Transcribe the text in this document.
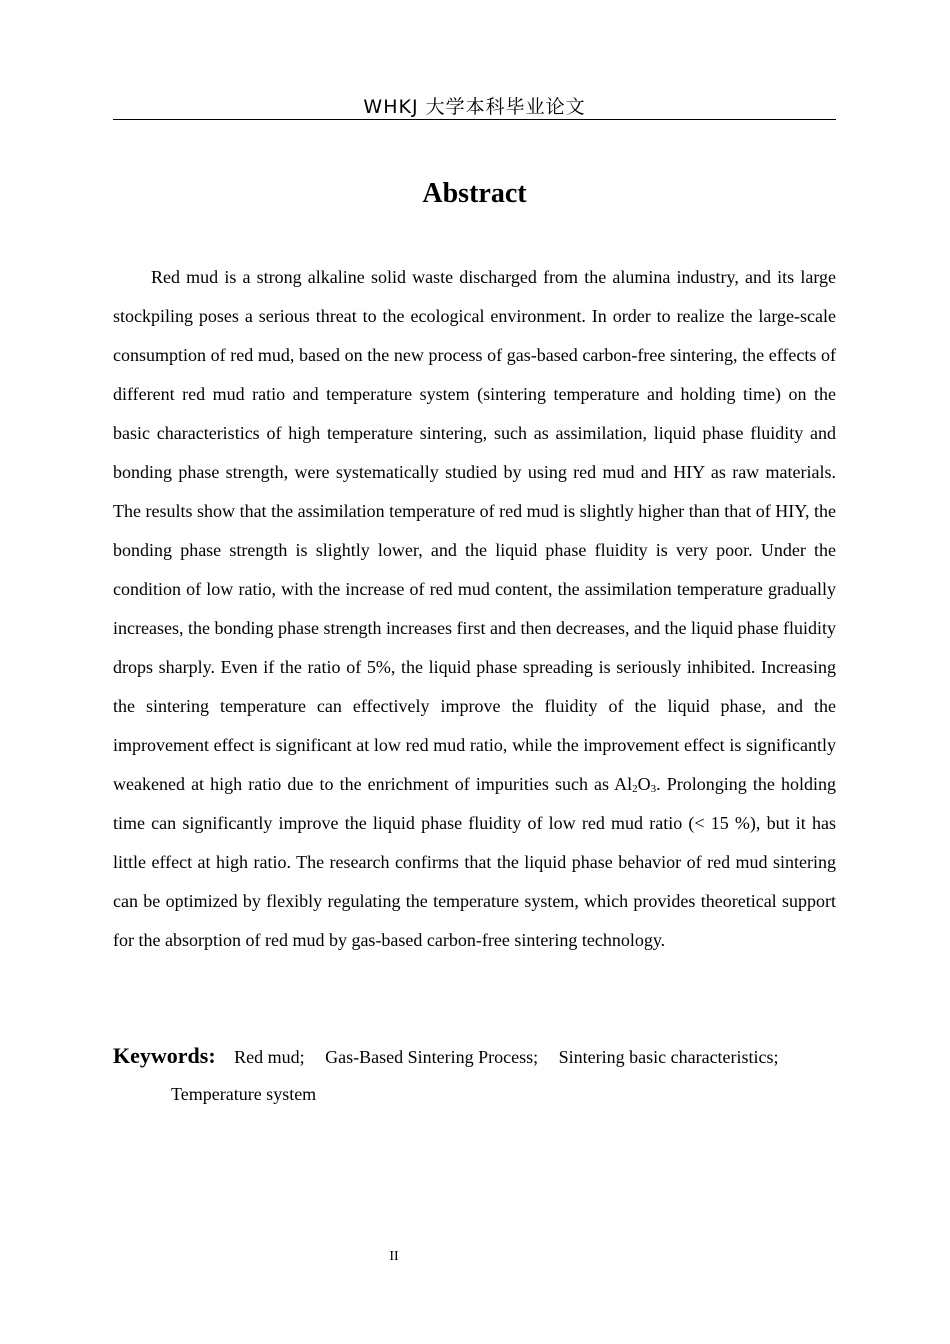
WHKJ 大学本科毕业论文
Abstract

Red mud is a strong alkaline solid waste discharged from the alumina industry, and its large stockpiling poses a serious threat to the ecological environment. In order to realize the large-scale consumption of red mud, based on the new process of gas-based carbon-free sintering, the effects of different red mud ratio and temperature system (sintering temperature and holding time) on the basic characteristics of high temperature sintering, such as assimilation, liquid phase fluidity and bonding phase strength, were systematically studied by using red mud and HIY as raw materials. The results show that the assimilation temperature of red mud is slightly higher than that of HIY, the bonding phase strength is slightly lower, and the liquid phase fluidity is very poor. Under the condition of low ratio, with the increase of red mud content, the assimilation temperature gradually increases, the bonding phase strength increases first and then decreases, and the liquid phase fluidity drops sharply. Even if the ratio of 5%, the liquid phase spreading is seriously inhibited. Increasing the sintering temperature can effectively improve the fluidity of the liquid phase, and the improvement effect is significant at low red mud ratio, while the improvement effect is significantly weakened at high ratio due to the enrichment of impurities such as $Al_2O_3$. Prolonging the holding time can significantly improve the liquid phase fluidity of low red mud ratio (< 15 %), but it has little effect at high ratio. The research confirms that the liquid phase behavior of red mud sintering can be optimized by flexibly regulating the temperature system, which provides theoretical support for the absorption of red mud by gas-based carbon-free sintering technology.

Keywords: Red mud; Gas-Based Sintering Process; Sintering basic characteristics;
Temperature system
II
